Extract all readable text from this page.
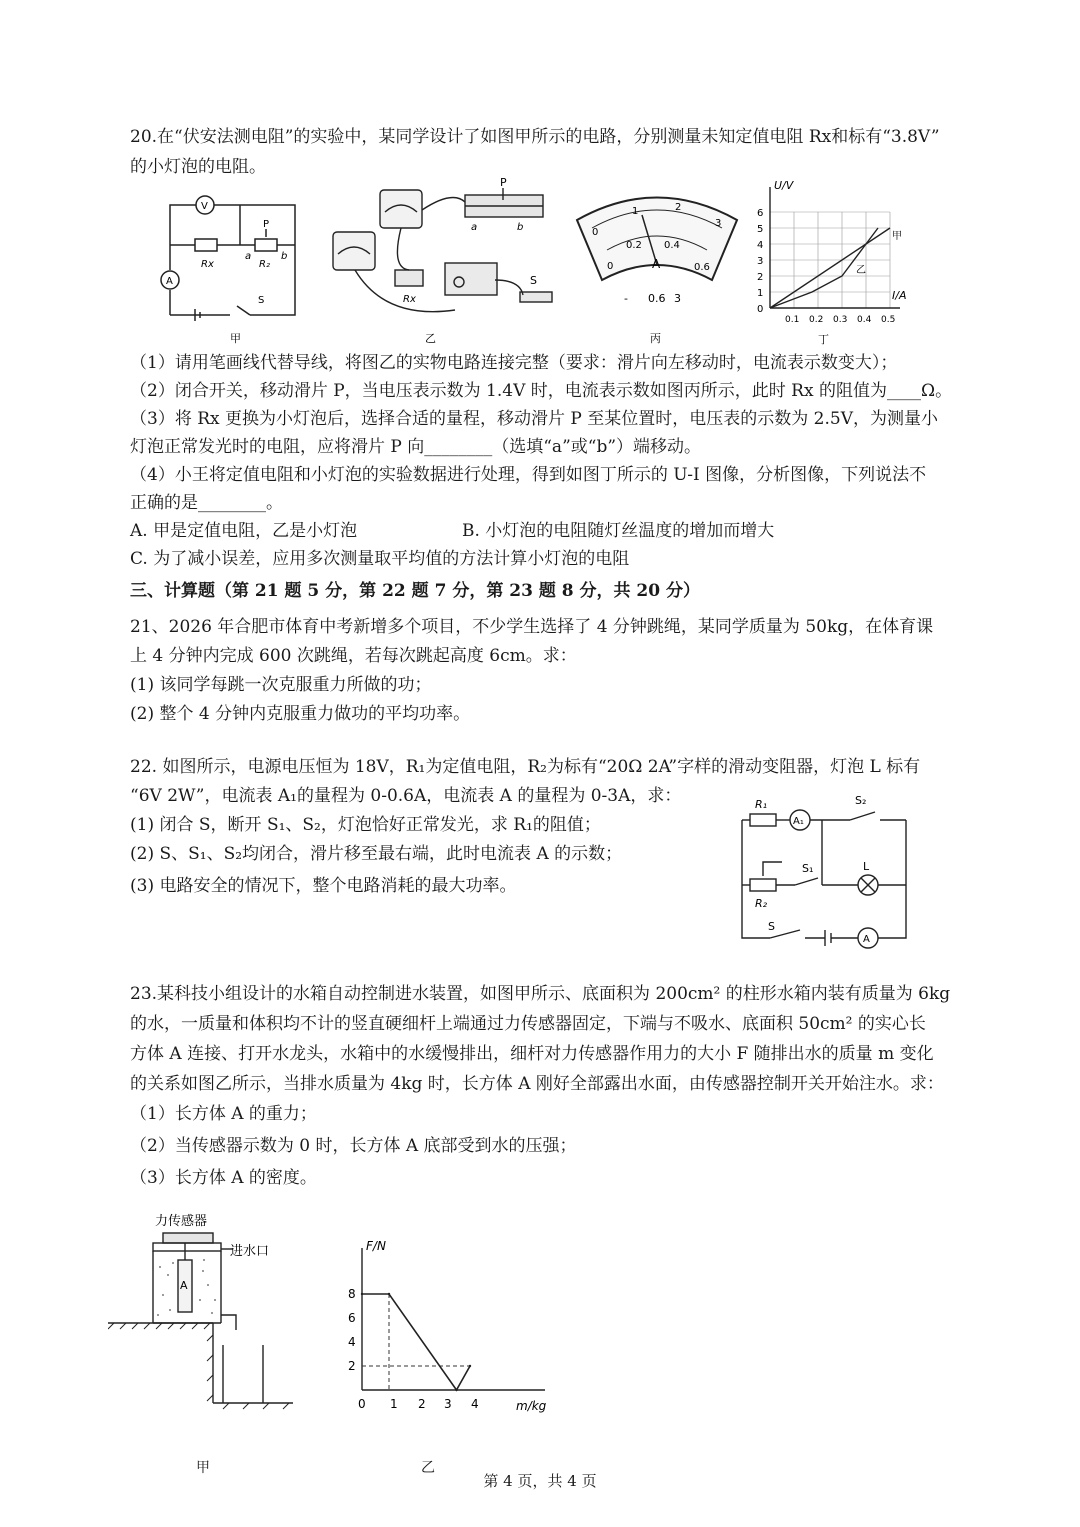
20.在“伏安法测电阻”的实验中，某同学设计了如图甲所示的电路，分别测量未知定值电阻 Rx和标有“3.8V”
的小灯泡的电阻。
V
A
Rx	R₂
P
a	b
S
甲
P
a	b
Rx
S
乙
0
1	2
3
0
0.2 0.4
0.6
A
- 0.6 3
丙
U/V
I/A
0
1
2
3
4
5
6
0.1 0.2 0.3 0.4 0.5
甲
乙
丁
（1）请用笔画线代替导线，将图乙的实物电路连接完整（要求：滑片向左移动时，电流表示数变大）；
（2）闭合开关，移动滑片 P，当电压表示数为 1.4V 时，电流表示数如图丙所示，此时 Rx 的阻值为____Ω。
（3）将 Rx 更换为小灯泡后，选择合适的量程，移动滑片 P 至某位置时，电压表的示数为 2.5V，为测量小
灯泡正常发光时的电阻，应将滑片 P 向________（选填“a”或“b”）端移动。
（4）小王将定值电阻和小灯泡的实验数据进行处理，得到如图丁所示的 U-I 图像，分析图像，下列说法不
正确的是________。
A. 甲是定值电阻，乙是小灯泡	B. 小灯泡的电阻随灯丝温度的增加而增大
C. 为了减小误差，应用多次测量取平均值的方法计算小灯泡的电阻
三、计算题（第 21 题 5 分，第 22 题 7 分，第 23 题 8 分，共 20 分）
21、2026 年合肥市体育中考新增多个项目，不少学生选择了 4 分钟跳绳，某同学质量为 50kg，在体育课
上 4 分钟内完成 600 次跳绳，若每次跳起高度 6cm。求：
(1) 该同学每跳一次克服重力所做的功；
(2) 整个 4 分钟内克服重力做功的平均功率。
22. 如图所示，电源电压恒为 18V，R₁为定值电阻，R₂为标有“20Ω 2A”字样的滑动变阻器，灯泡 L 标有
“6V 2W”，电流表 A₁的量程为 0-0.6A，电流表 A 的量程为 0-3A，求：
(1) 闭合 S，断开 S₁、S₂，灯泡恰好正常发光，求 R₁的阻值；
(2) S、S₁、S₂均闭合，滑片移至最右端，此时电流表 A 的示数；
(3) 电路安全的情况下，整个电路消耗的最大功率。
R₁
A₁
S₂
S₁	L
R₂
S
A
23.某科技小组设计的水箱自动控制进水装置，如图甲所示、底面积为 200cm² 的柱形水箱内装有质量为 6kg
的水，一质量和体积均不计的竖直硬细杆上端通过力传感器固定，下端与不吸水、底面积 50cm² 的实心长
方体 A 连接、打开水龙头，水箱中的水缓慢排出，细杆对力传感器作用力的大小 F 随排出水的质量 m 变化
的关系如图乙所示，当排水质量为 4kg 时，长方体 A 刚好全部露出水面，由传感器控制开关开始注水。求：
（1）长方体 A 的重力；
（2）当传感器示数为 0 时，长方体 A 底部受到水的压强；
（3）长方体 A 的密度。
力传感器
进水口
A
甲
F/N
m/kg
2
4
6
8
0 1 2 3 4
乙
第 4 页，共 4 页
